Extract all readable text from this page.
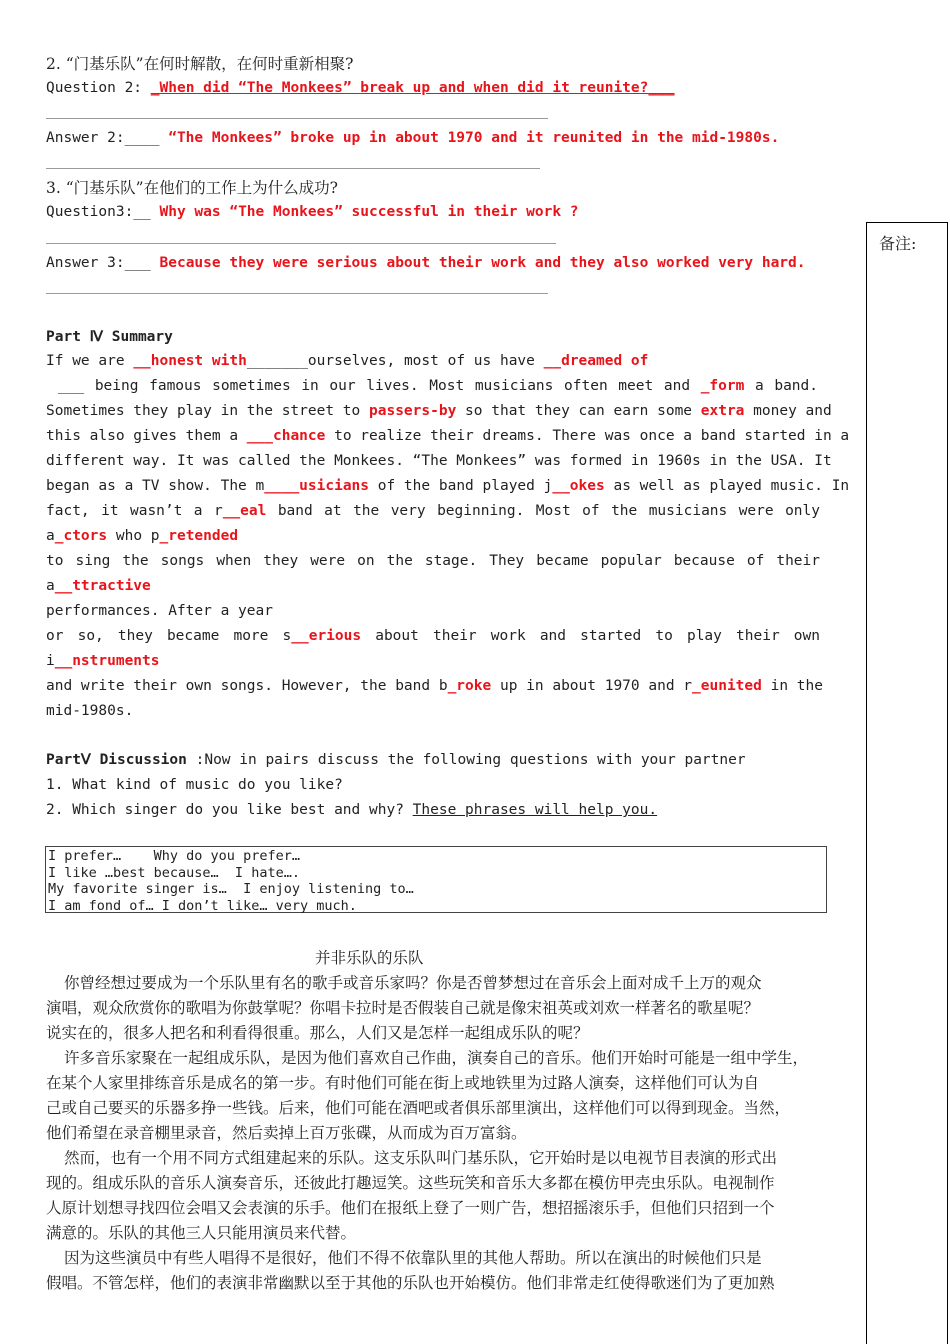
2. “门基乐队”在何时解散，在何时重新相聚?
Question 2: _When did “The Monkees” break up and when did it reunite?___
Answer 2:____ “The Monkees” broke up in about 1970 and it reunited in the mid-1980s.
3. “门基乐队”在他们的工作上为什么成功?
Question3:__ Why was “The Monkees” successful in their work ?
Answer 3:___ Because they were serious about their work and they also worked very hard.
备注:
Part Ⅳ Summary
If we are __honest with_______ourselves, most of us have __dreamed of
___ being famous sometimes in our lives. Most musicians often meet and _form a band.
Sometimes they play in the street to passers-by so that they can earn some extra money and
this also gives them a ___chance to realize their dreams. There was once a band started in a
different way. It was called the Monkees. “The Monkees” was formed in 1960s in the USA. It
began as a TV show. The m____usicians of the band played j__okes as well as played music. In
fact, it wasn’t a r__eal band at the very beginning. Most of the musicians were only
a_ctors who p_retended
to sing the songs when they were on the stage. They became popular because of their
a__ttractive
performances. After a year
or so, they became more s__erious about their work and started to play their own
i__nstruments
and write their own songs. However, the band b_roke up in about 1970 and r_eunited in the
mid-1980s.
PartⅤ Discussion :Now in pairs discuss the following questions with your partner
1. What kind of music do you like?
2. Which singer do you like best and why? These phrases will help you.
I prefer…    Why do you prefer…
I like …best because…  I hate….
My favorite singer is…  I enjoy listening to…
I am fond of… I don’t like… very much.
并非乐队的乐队
你曾经想过要成为一个乐队里有名的歌手或音乐家吗？你是否曾梦想过在音乐会上面对成千上万的观众
演唱，观众欣赏你的歌唱为你鼓掌呢？你唱卡拉时是否假装自己就是像宋祖英或刘欢一样著名的歌星呢？
说实在的，很多人把名和利看得很重。那么，人们又是怎样一起组成乐队的呢？
许多音乐家聚在一起组成乐队，是因为他们喜欢自己作曲，演奏自己的音乐。他们开始时可能是一组中学生，
在某个人家里排练音乐是成名的第一步。有时他们可能在街上或地铁里为过路人演奏，这样他们可认为自
己或自己要买的乐器多挣一些钱。后来，他们可能在酒吧或者俱乐部里演出，这样他们可以得到现金。当然，
他们希望在录音棚里录音，然后卖掉上百万张碟，从而成为百万富翁。
然而，也有一个用不同方式组建起来的乐队。这支乐队叫门基乐队，它开始时是以电视节目表演的形式出
现的。组成乐队的音乐人演奏音乐，还彼此打趣逗笑。这些玩笑和音乐大多都在模仿甲壳虫乐队。电视制作
人原计划想寻找四位会唱又会表演的乐手。他们在报纸上登了一则广告，想招摇滚乐手，但他们只招到一个
满意的。乐队的其他三人只能用演员来代替。
因为这些演员中有些人唱得不是很好，他们不得不依靠队里的其他人帮助。所以在演出的时候他们只是
假唱。不管怎样，他们的表演非常幽默以至于其他的乐队也开始模仿。他们非常走红使得歌迷们为了更加熟
